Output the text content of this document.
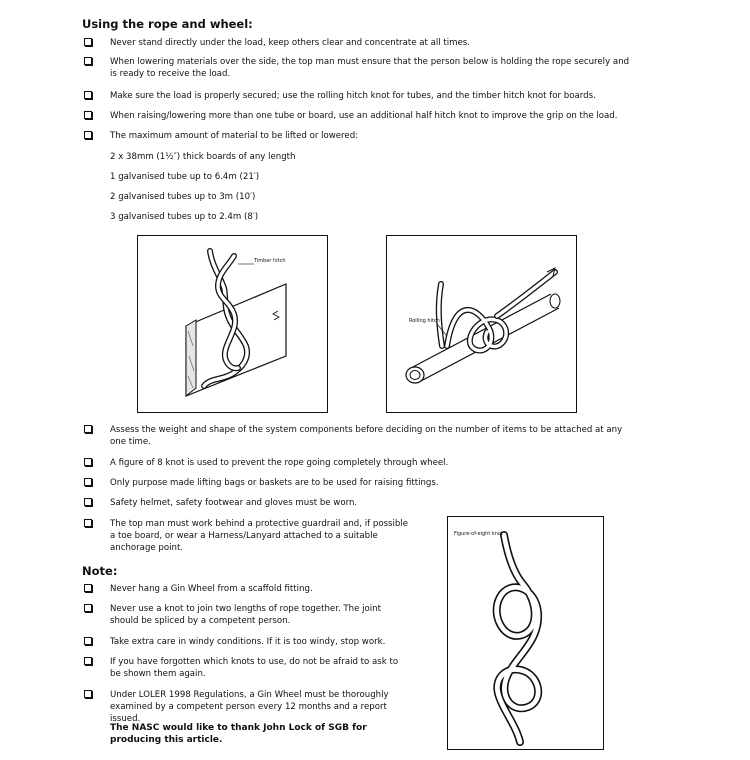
Using the rope and wheel:
Never stand directly under the load, keep others clear and concentrate at all times.
When lowering materials over the side, the top man must ensure that the person below is holding the rope securely and is ready to receive the load.
Make sure the load is properly secured; use the rolling hitch knot for tubes, and the timber hitch knot for boards.
When raising/lowering more than one tube or board, use an additional half hitch knot to improve the grip on the load.
The maximum amount of material to be lifted or lowered:
2 x 38mm (1½″) thick boards of any length
1 galvanised tube up to 6.4m (21′)
2 galvanised tubes up to 3m (10′)
3 galvanised tubes up to 2.4m (8′)
Timber hitch
Rolling hitch
Assess the weight and shape of the system components before deciding on the number of items to be attached at any one time.
A figure of 8 knot is used to prevent the rope going completely through wheel.
Only purpose made lifting bags or baskets are to be used for raising fittings.
Safety helmet, safety footwear and gloves must be worn.
The top man must work behind a protective guardrail and, if possible a toe board, or wear a Harness/Lanyard attached to a suitable anchorage point.
Note:
Never hang a Gin Wheel from a scaffold fitting.
Never use a knot to join two lengths of rope together. The joint should be spliced by a competent person.
Take extra care in windy conditions. If it is too windy, stop work.
If you have forgotten which knots to use, do not be afraid to ask to be shown them again.
Under LOLER 1998 Regulations, a Gin Wheel must be thoroughly examined by a competent person every 12 months and a report issued.
The NASC would like to thank John Lock of SGB for producing this article.
Figure-of-eight knot
